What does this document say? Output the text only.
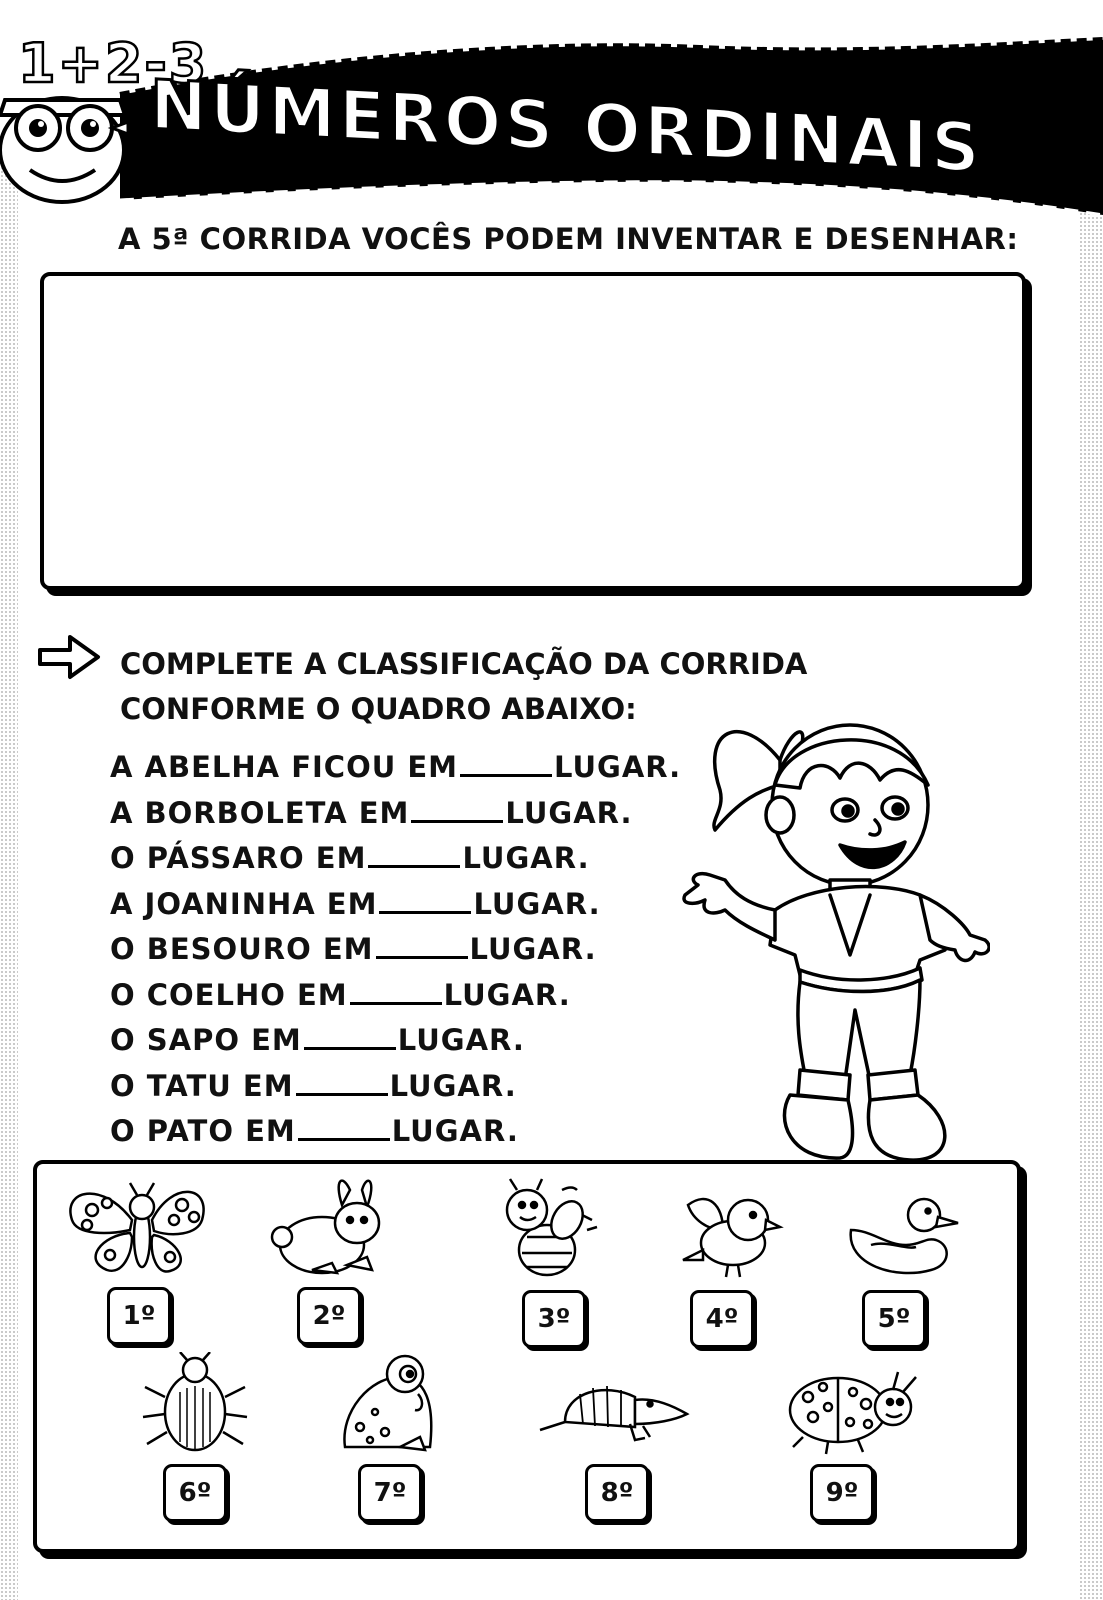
1+2-3
NÚMEROS ORDINAIS
A 5ª CORRIDA VOCÊS PODEM INVENTAR E DESENHAR:
COMPLETE A CLASSIFICAÇÃO DA CORRIDA
CONFORME O QUADRO ABAIXO:
A ABELHA FICOU EM	LUGAR.
A BORBOLETA EM	LUGAR.
O PÁSSARO EM	LUGAR.
A JOANINHA EM	LUGAR.
O BESOURO EM	LUGAR.
O COELHO EM	LUGAR.
O SAPO EM	LUGAR.
O TATU EM	LUGAR.
O PATO EM	LUGAR.
1º	2º	3º	4º	5º
6º	7º	8º	9º
